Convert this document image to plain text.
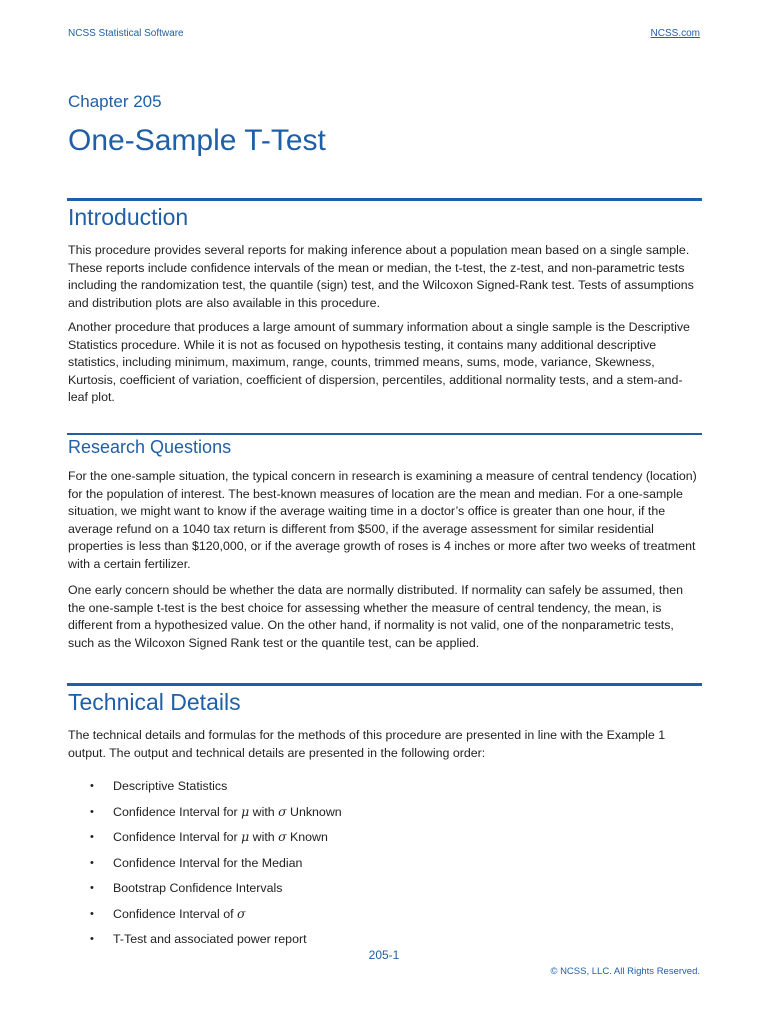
NCSS Statistical Software	NCSS.com
Chapter 205
One-Sample T-Test
Introduction

This procedure provides several reports for making inference about a population mean based on a single sample. These reports include confidence intervals of the mean or median, the t-test, the z-test, and non-parametric tests including the randomization test, the quantile (sign) test, and the Wilcoxon Signed-Rank test. Tests of assumptions and distribution plots are also available in this procedure.

Another procedure that produces a large amount of summary information about a single sample is the Descriptive Statistics procedure. While it is not as focused on hypothesis testing, it contains many additional descriptive statistics, including minimum, maximum, range, counts, trimmed means, sums, mode, variance, Skewness, Kurtosis, coefficient of variation, coefficient of dispersion, percentiles, additional normality tests, and a stem-and-leaf plot.

Research Questions

For the one-sample situation, the typical concern in research is examining a measure of central tendency (location) for the population of interest. The best-known measures of location are the mean and median. For a one-sample situation, we might want to know if the average waiting time in a doctor’s office is greater than one hour, if the average refund on a 1040 tax return is different from $500, if the average assessment for similar residential properties is less than $120,000, or if the average growth of roses is 4 inches or more after two weeks of treatment with a certain fertilizer.

One early concern should be whether the data are normally distributed. If normality can safely be assumed, then the one-sample t-test is the best choice for assessing whether the measure of central tendency, the mean, is different from a hypothesized value. On the other hand, if normality is not valid, one of the nonparametric tests, such as the Wilcoxon Signed Rank test or the quantile test, can be applied.

Technical Details

The technical details and formulas for the methods of this procedure are presented in line with the Example 1 output. The output and technical details are presented in the following order:

• Descriptive Statistics
• Confidence Interval for μ with σ Unknown
• Confidence Interval for μ with σ Known
• Confidence Interval for the Median
• Bootstrap Confidence Intervals
• Confidence Interval of σ
• T-Test and associated power report
205-1
© NCSS, LLC. All Rights Reserved.
